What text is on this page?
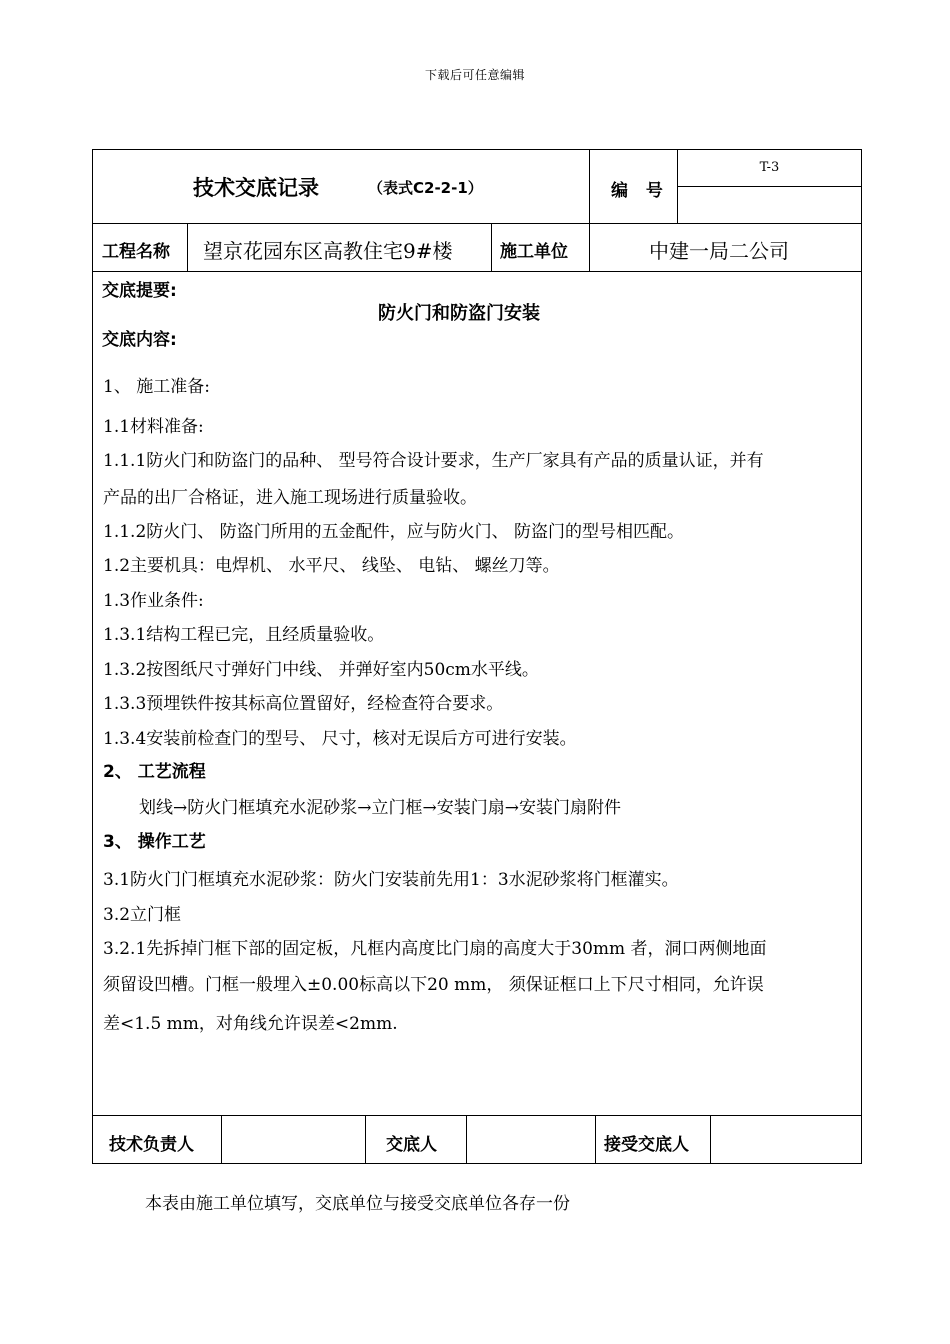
下载后可任意编辑
技术交底记录	（表式C2-2-1）	编 号
T-3
工程名称 望京花园东区高教住宅9#楼	施工单位	中建一局二公司
交底提要:
防火门和防盗门安装
交底内容:
1、 施工准备:
1.1材料准备:
1.1.1防火门和防盗门的品种、 型号符合设计要求，生产厂家具有产品的质量认证，并有
产品的出厂合格证，进入施工现场进行质量验收。
1.1.2防火门、 防盗门所用的五金配件，应与防火门、 防盗门的型号相匹配。
1.2主要机具：电焊机、 水平尺、 线坠、 电钻、 螺丝刀等。
1.3作业条件:
1.3.1结构工程已完，且经质量验收。
1.3.2按图纸尺寸弹好门中线、 并弹好室内50cm水平线。
1.3.3预埋铁件按其标高位置留好，经检查符合要求。
1.3.4安装前检查门的型号、 尺寸，核对无误后方可进行安装。
2、 工艺流程
划线→防火门框填充水泥砂浆→立门框→安装门扇→安装门扇附件
3、 操作工艺
3.1防火门门框填充水泥砂浆：防火门安装前先用1：3水泥砂浆将门框灌实。
3.2立门框
3.2.1先拆掉门框下部的固定板，凡框内高度比门扇的高度大于30mm 者，洞口两侧地面
须留设凹槽。门框一般埋入±0.00标高以下20 mm， 须保证框口上下尺寸相同，允许误
差<1.5 mm，对角线允许误差<2mm.
技术负责人	交底人	接受交底人
本表由施工单位填写，交底单位与接受交底单位各存一份
